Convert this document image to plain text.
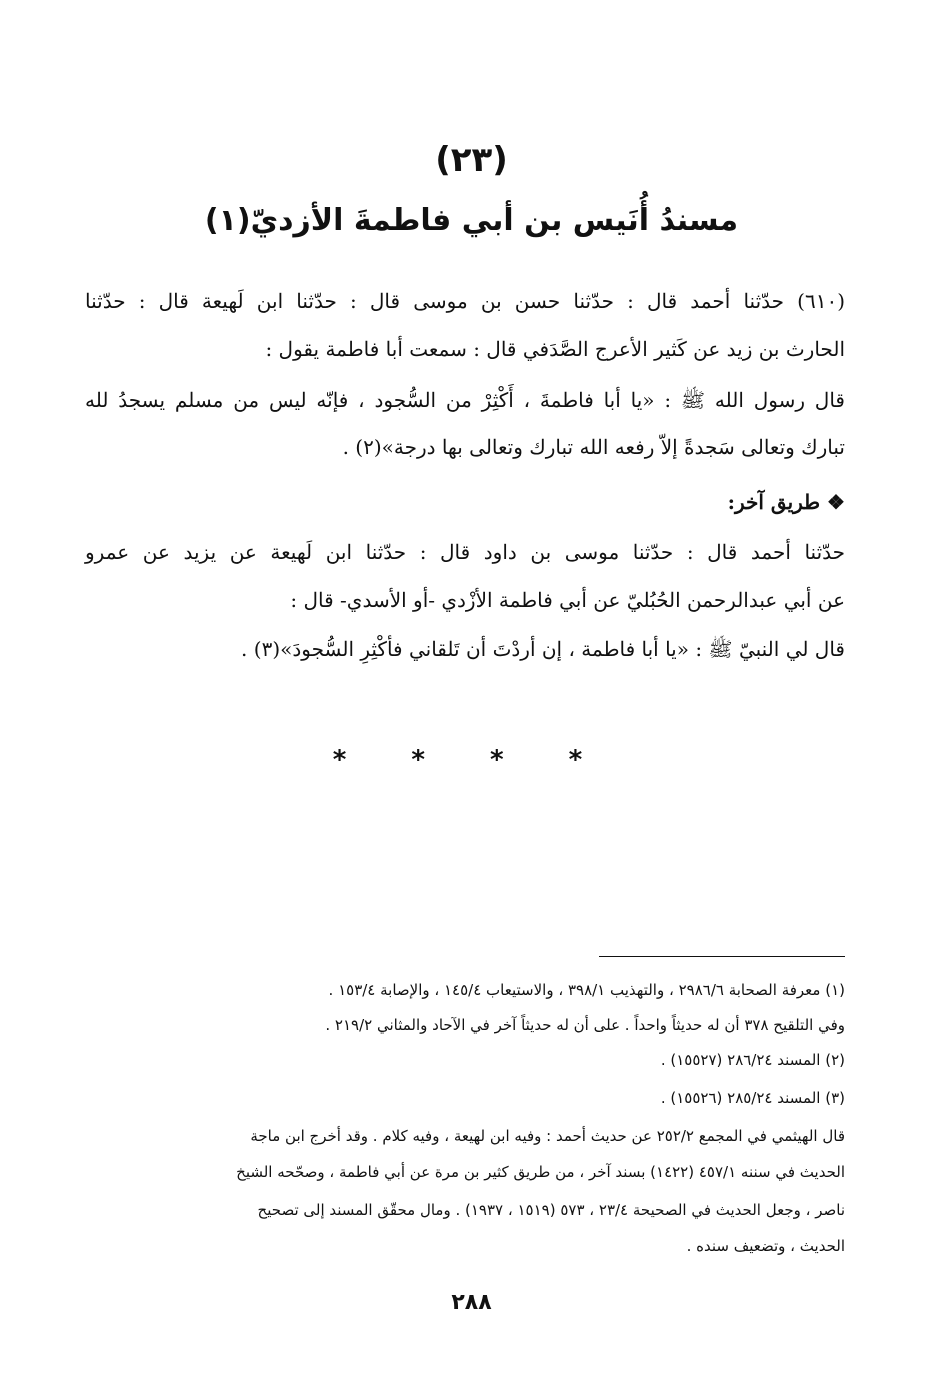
(٢٣)
مسندُ أُنَيس بن أبي فاطمةَ الأزديّ(١)
(٦١٠) حدّثنا أحمد قال : حدّثنا حسن بن موسى قال : حدّثنا ابن لَهيعة قال : حدّثنا
الحارث بن زيد عن كَثير الأعرج الصَّدَفي قال : سمعت أبا فاطمة يقول :
قال رسول الله ﷺ : «يا أبا فاطمةَ ، أَكْثِرْ من السُّجود ، فإنّه ليس من مسلم يسجدُ لله
تبارك وتعالى سَجدةً إلاّ رفعه الله تبارك وتعالى بها درجة»(٢) .
❖ طريق آخر:
حدّثنا أحمد قال : حدّثنا موسى بن داود قال : حدّثنا ابن لَهيعة عن يزيد عن عمرو
عن أبي عبدالرحمن الحُبُليّ عن أبي فاطمة الأزْدي -أو الأسدي- قال :
قال لي النبيّ ﷺ : «يا أبا فاطمة ، إن أردْتَ أن تَلقاني فأكْثِرِ السُّجودَ»(٣) .
* * * *
(١) معرفة الصحابة ٢٩٨٦/٦ ، والتهذيب ٣٩٨/١ ، والاستيعاب ١٤٥/٤ ، والإصابة ١٥٣/٤ .
وفي التلقيح ٣٧٨ أن له حديثاً واحداً . على أن له حديثاً آخر في الآحاد والمثاني ٢١٩/٢ .
(٢) المسند ٢٨٦/٢٤ (١٥٥٢٧) .
(٣) المسند ٢٨٥/٢٤ (١٥٥٢٦) .
قال الهيثمي في المجمع ٢٥٢/٢ عن حديث أحمد : وفيه ابن لهيعة ، وفيه كلام . وقد أخرج ابن ماجة
الحديث في سننه ٤٥٧/١ (١٤٢٢) بسند آخر ، من طريق كثير بن مرة عن أبي فاطمة ، وصحّحه الشيخ
ناصر ، وجعل الحديث في الصحيحة ٢٣/٤ ، ٥٧٣ (١٥١٩ ، ١٩٣٧) . ومال محقّق المسند إلى تصحيح
الحديث ، وتضعيف سنده .
٢٨٨
